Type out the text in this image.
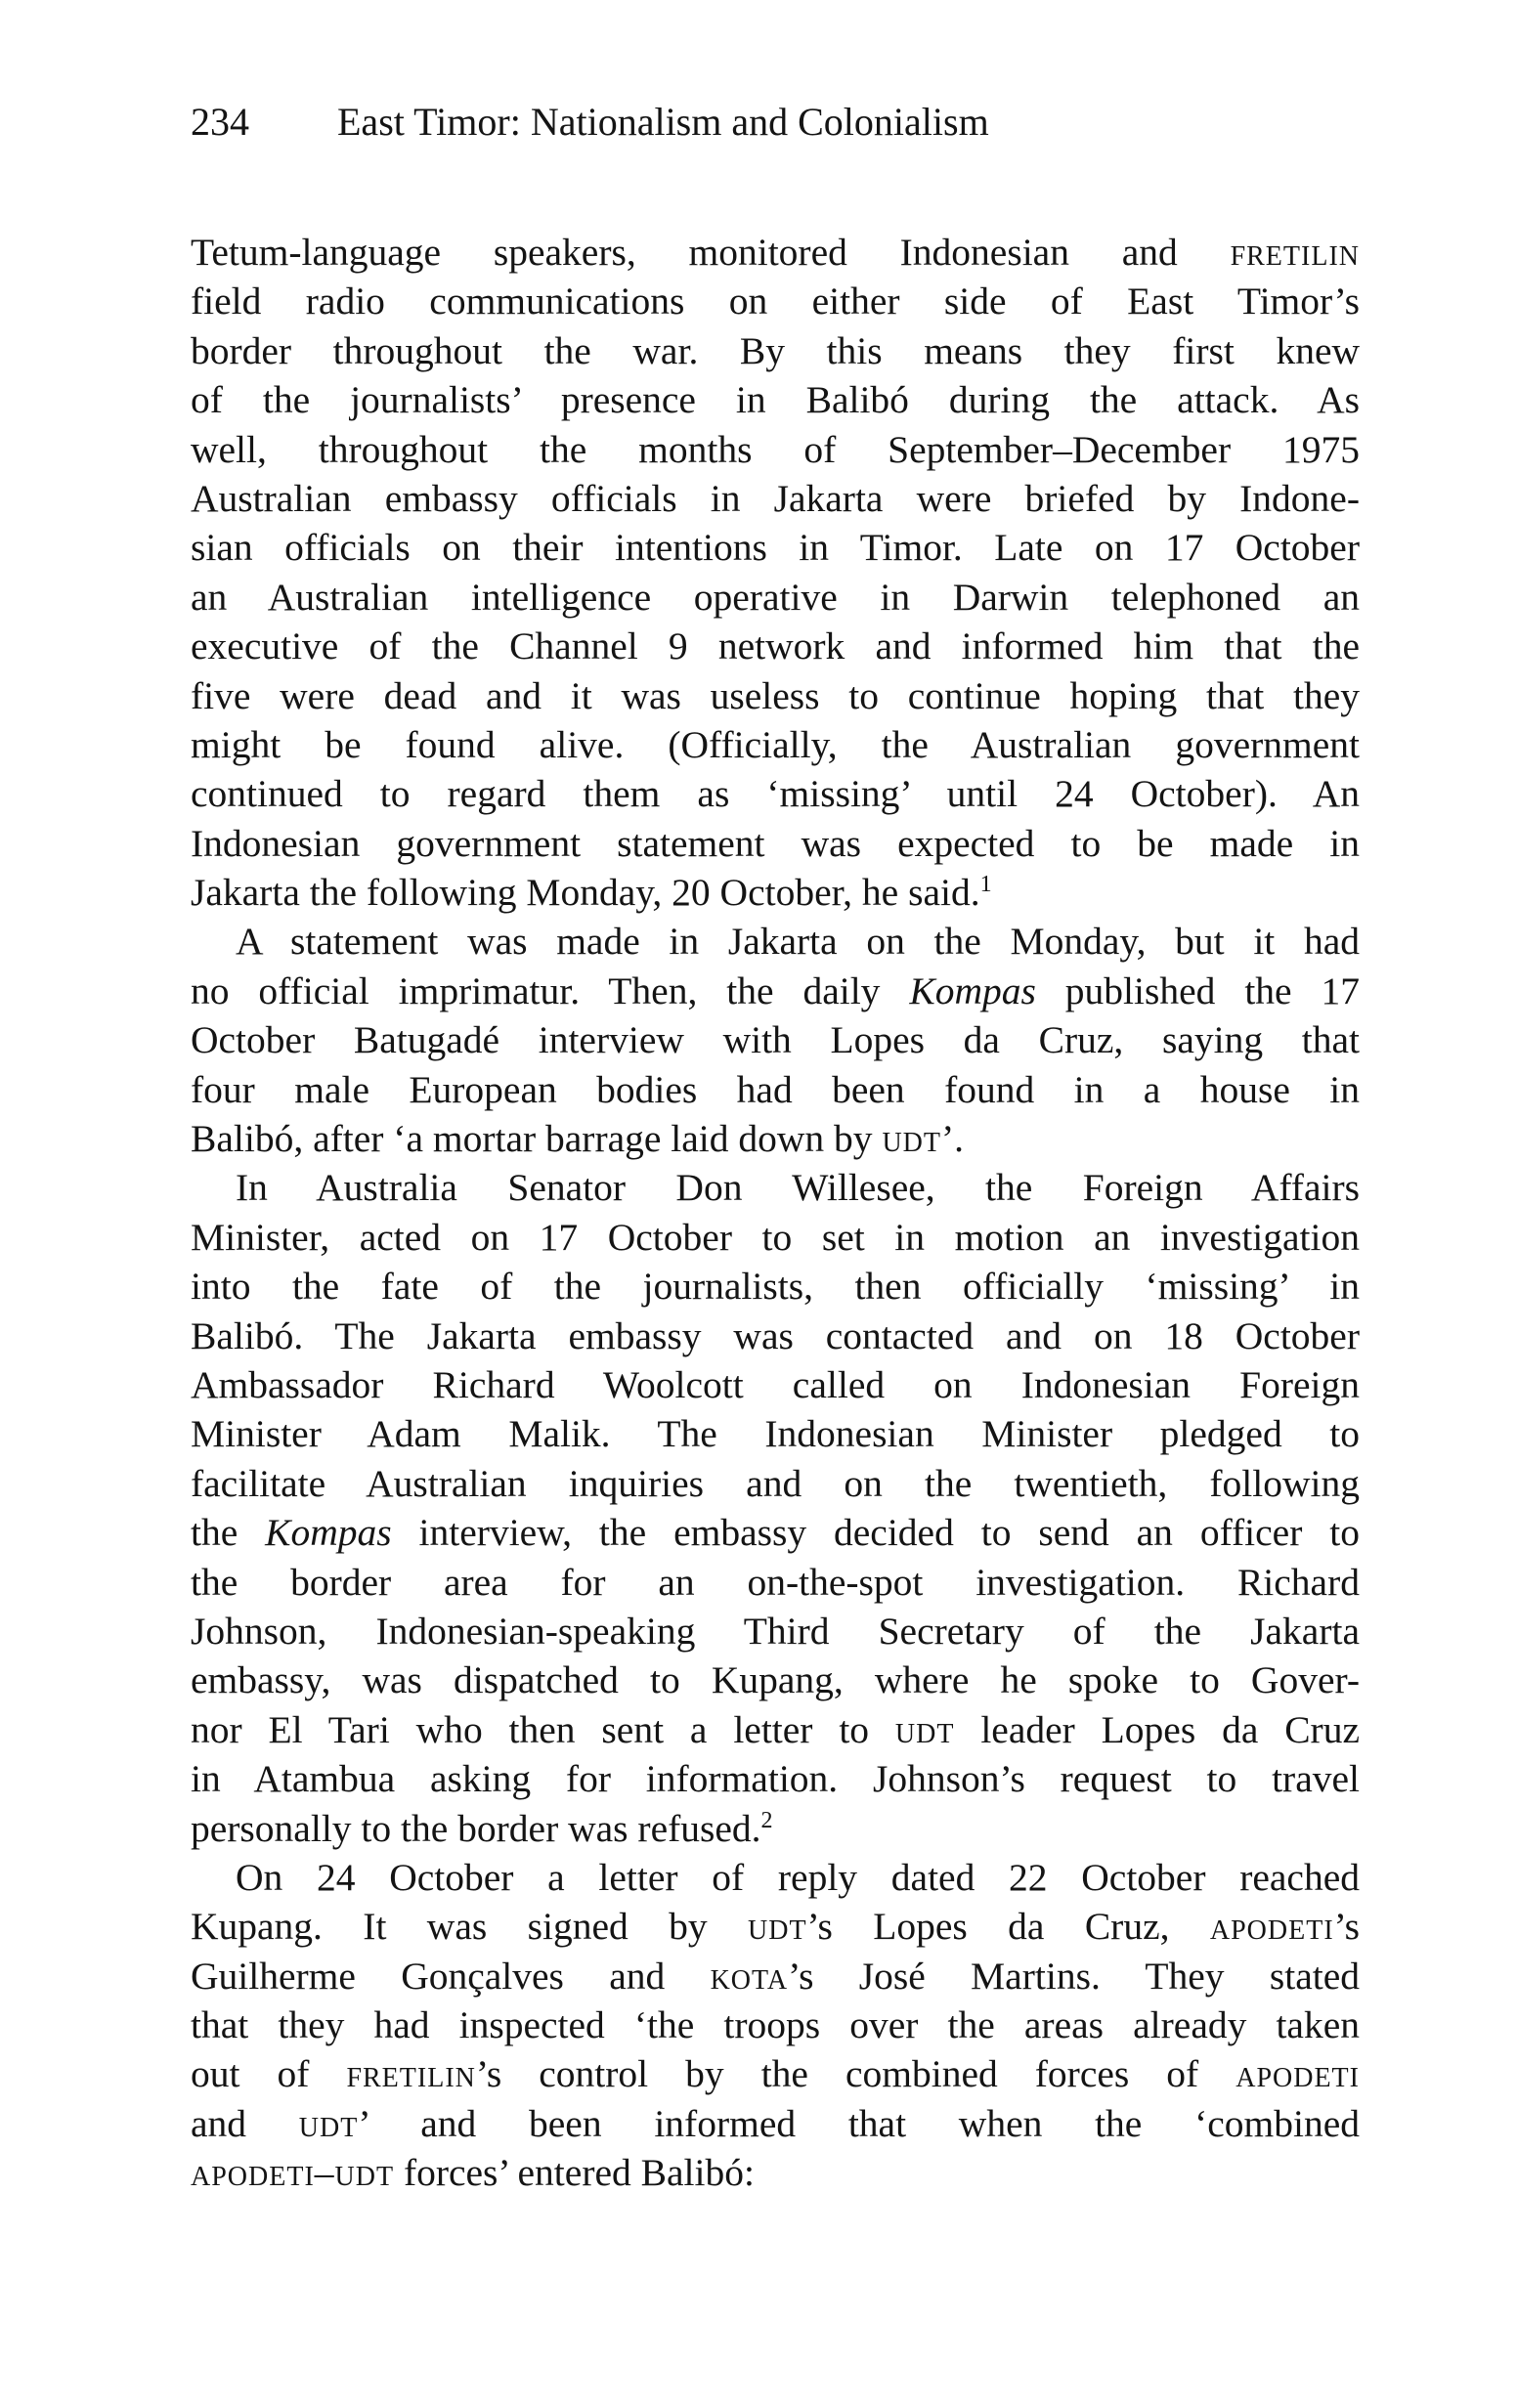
234 East Timor: Nationalism and Colonialism
Tetum-language speakers, monitored Indonesian and fretilin
field radio communications on either side of East Timor’s
border throughout the war. By this means they first knew
of the journalists’ presence in Balibó during the attack. As
well, throughout the months of September–December 1975
Australian embassy officials in Jakarta were briefed by Indone-
sian officials on their intentions in Timor. Late on 17 October
an Australian intelligence operative in Darwin telephoned an
executive of the Channel 9 network and informed him that the
five were dead and it was useless to continue hoping that they
might be found alive. (Officially, the Australian government
continued to regard them as ‘missing’ until 24 October). An
Indonesian government statement was expected to be made in
Jakarta the following Monday, 20 October, he said.$^1$
A statement was made in Jakarta on the Monday, but it had
no official imprimatur. Then, the daily Kompas published the 17
October Batugadé interview with Lopes da Cruz, saying that
four male European bodies had been found in a house in
Balibó, after ‘a mortar barrage laid down by udt’.
In Australia Senator Don Willesee, the Foreign Affairs
Minister, acted on 17 October to set in motion an investigation
into the fate of the journalists, then officially ‘missing’ in
Balibó. The Jakarta embassy was contacted and on 18 October
Ambassador Richard Woolcott called on Indonesian Foreign
Minister Adam Malik. The Indonesian Minister pledged to
facilitate Australian inquiries and on the twentieth, following
the Kompas interview, the embassy decided to send an officer to
the border area for an on-the-spot investigation. Richard
Johnson, Indonesian-speaking Third Secretary of the Jakarta
embassy, was dispatched to Kupang, where he spoke to Gover-
nor El Tari who then sent a letter to udt leader Lopes da Cruz
in Atambua asking for information. Johnson’s request to travel
personally to the border was refused.$^2$
On 24 October a letter of reply dated 22 October reached
Kupang. It was signed by udt’s Lopes da Cruz, apodeti’s
Guilherme Gonçalves and kota’s José Martins. They stated
that they had inspected ‘the troops over the areas already taken
out of fretilin’s control by the combined forces of apodeti
and udt’ and been informed that when the ‘combined
apodeti–udt forces’ entered Balibó:
